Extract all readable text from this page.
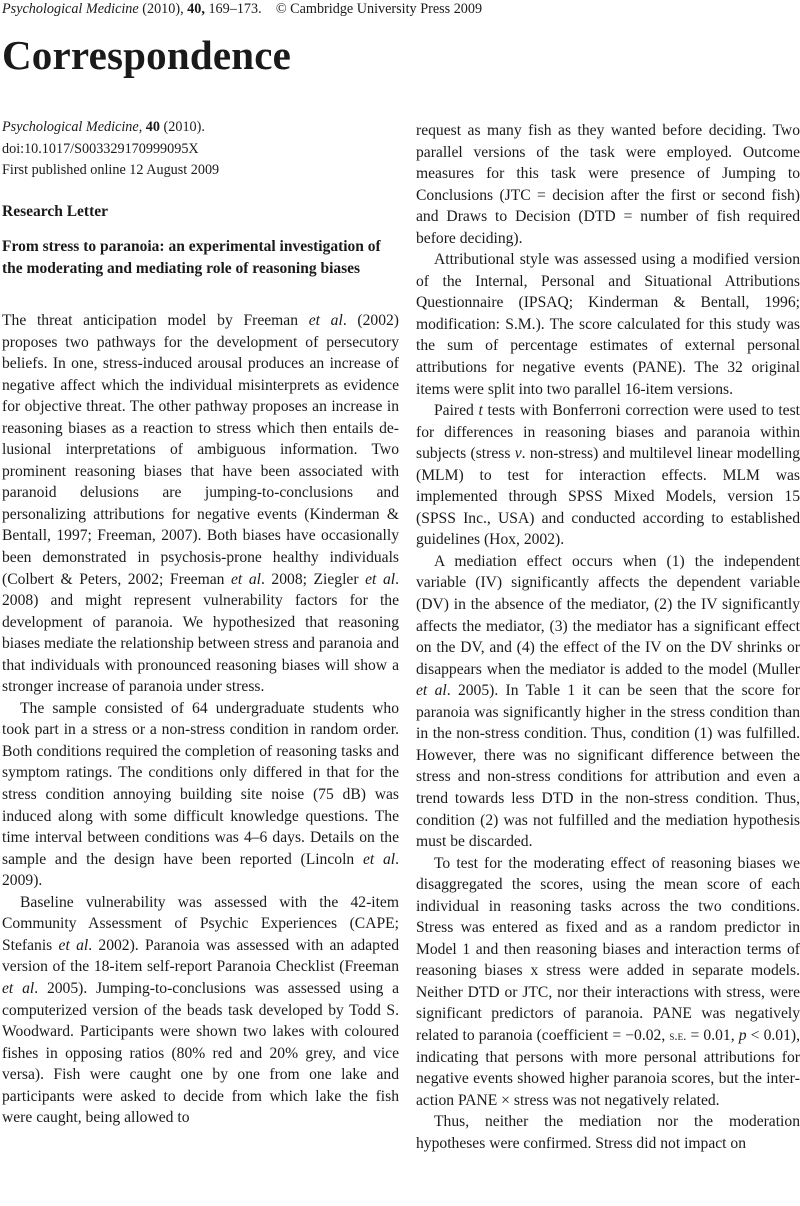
Psychological Medicine (2010), 40, 169–173. © Cambridge University Press 2009
Correspondence
Psychological Medicine, 40 (2010).
doi:10.1017/S003329170999095X
First published online 12 August 2009
Research Letter
From stress to paranoia: an experimental investigation of the moderating and mediating role of reasoning biases

The threat anticipation model by Freeman et al. (2002) proposes two pathways for the development of persecutory beliefs. In one, stress-induced arousal produces an increase of negative affect which the individual misinterprets as evidence for objective threat. The other pathway proposes an increase in reasoning biases as a reaction to stress which then entails delusional interpretations of ambiguous information. Two prominent reasoning biases that have been associated with paranoid delusions are jumping-to-conclusions and personalizing attributions for negative events (Kinderman & Bentall, 1997; Freeman, 2007). Both biases have occasionally been demonstrated in psychosis-prone healthy individuals (Colbert & Peters, 2002; Freeman et al. 2008; Ziegler et al. 2008) and might represent vulnerability factors for the development of paranoia. We hypothesized that reasoning biases mediate the relationship between stress and paranoia and that individuals with pronounced reasoning biases will show a stronger increase of paranoia under stress.

The sample consisted of 64 undergraduate students who took part in a stress or a non-stress condition in random order. Both conditions required the completion of reasoning tasks and symptom ratings. The conditions only differed in that for the stress condition annoying building site noise (75 dB) was induced along with some difficult knowledge questions. The time interval between conditions was 4–6 days. Details on the sample and the design have been reported (Lincoln et al. 2009).

Baseline vulnerability was assessed with the 42-item Community Assessment of Psychic Experiences (CAPE; Stefanis et al. 2002). Paranoia was assessed with an adapted version of the 18-item self-report Paranoia Checklist (Freeman et al. 2005). Jumping-to-conclusions was assessed using a computerized version of the beads task developed by Todd S. Woodward. Participants were shown two lakes with coloured fishes in opposing ratios (80% red and 20% grey, and vice versa). Fish were caught one by one from one lake and participants were asked to decide from which lake the fish were caught, being allowed to

request as many fish as they wanted before deciding. Two parallel versions of the task were employed. Outcome measures for this task were presence of Jumping to Conclusions (JTC = decision after the first or second fish) and Draws to Decision (DTD = number of fish required before deciding).

Attributional style was assessed using a modified version of the Internal, Personal and Situational Attributions Questionnaire (IPSAQ; Kinderman & Bentall, 1996; modification: S.M.). The score calculated for this study was the sum of percentage estimates of external personal attributions for negative events (PANE). The 32 original items were split into two parallel 16-item versions.

Paired t tests with Bonferroni correction were used to test for differences in reasoning biases and paranoia within subjects (stress v. non-stress) and multilevel linear modelling (MLM) to test for interaction effects. MLM was implemented through SPSS Mixed Models, version 15 (SPSS Inc., USA) and conducted according to established guidelines (Hox, 2002).

A mediation effect occurs when (1) the independent variable (IV) significantly affects the dependent variable (DV) in the absence of the mediator, (2) the IV significantly affects the mediator, (3) the mediator has a significant effect on the DV, and (4) the effect of the IV on the DV shrinks or disappears when the mediator is added to the model (Muller et al. 2005). In Table 1 it can be seen that the score for paranoia was significantly higher in the stress condition than in the non-stress condition. Thus, condition (1) was fulfilled. However, there was no significant difference between the stress and non-stress conditions for attribution and even a trend towards less DTD in the non-stress condition. Thus, condition (2) was not fulfilled and the mediation hypothesis must be discarded.

To test for the moderating effect of reasoning biases we disaggregated the scores, using the mean score of each individual in reasoning tasks across the two conditions. Stress was entered as fixed and as a random predictor in Model 1 and then reasoning biases and interaction terms of reasoning biases x stress were added in separate models. Neither DTD or JTC, nor their interactions with stress, were significant predictors of paranoia. PANE was negatively related to paranoia (coefficient = −0.02, s.e. = 0.01, p < 0.01), indicating that persons with more personal attributions for negative events showed higher paranoia scores, but the interaction PANE × stress was not negatively related.

Thus, neither the mediation nor the moderation hypotheses were confirmed. Stress did not impact on
